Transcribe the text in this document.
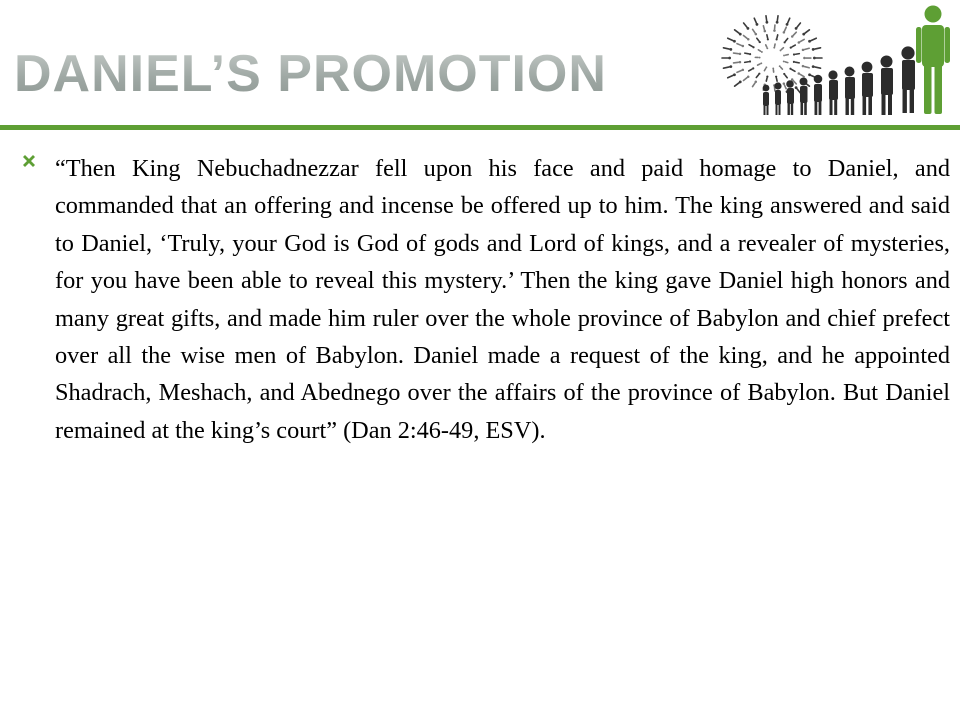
DANIEL’S PROMOTION
“Then King Nebuchadnezzar fell upon his face and paid homage to Daniel, and commanded that an offering and incense be offered up to him. The king answered and said to Daniel, ‘Truly, your God is God of gods and Lord of kings, and a revealer of mysteries, for you have been able to reveal this mystery.’ Then the king gave Daniel high honors and many great gifts, and made him ruler over the whole province of Babylon and chief prefect over all the wise men of Babylon. Daniel made a request of the king, and he appointed Shadrach, Meshach, and Abednego over the affairs of the province of Babylon. But Daniel remained at the king’s court” (Dan 2:46-49, ESV).
